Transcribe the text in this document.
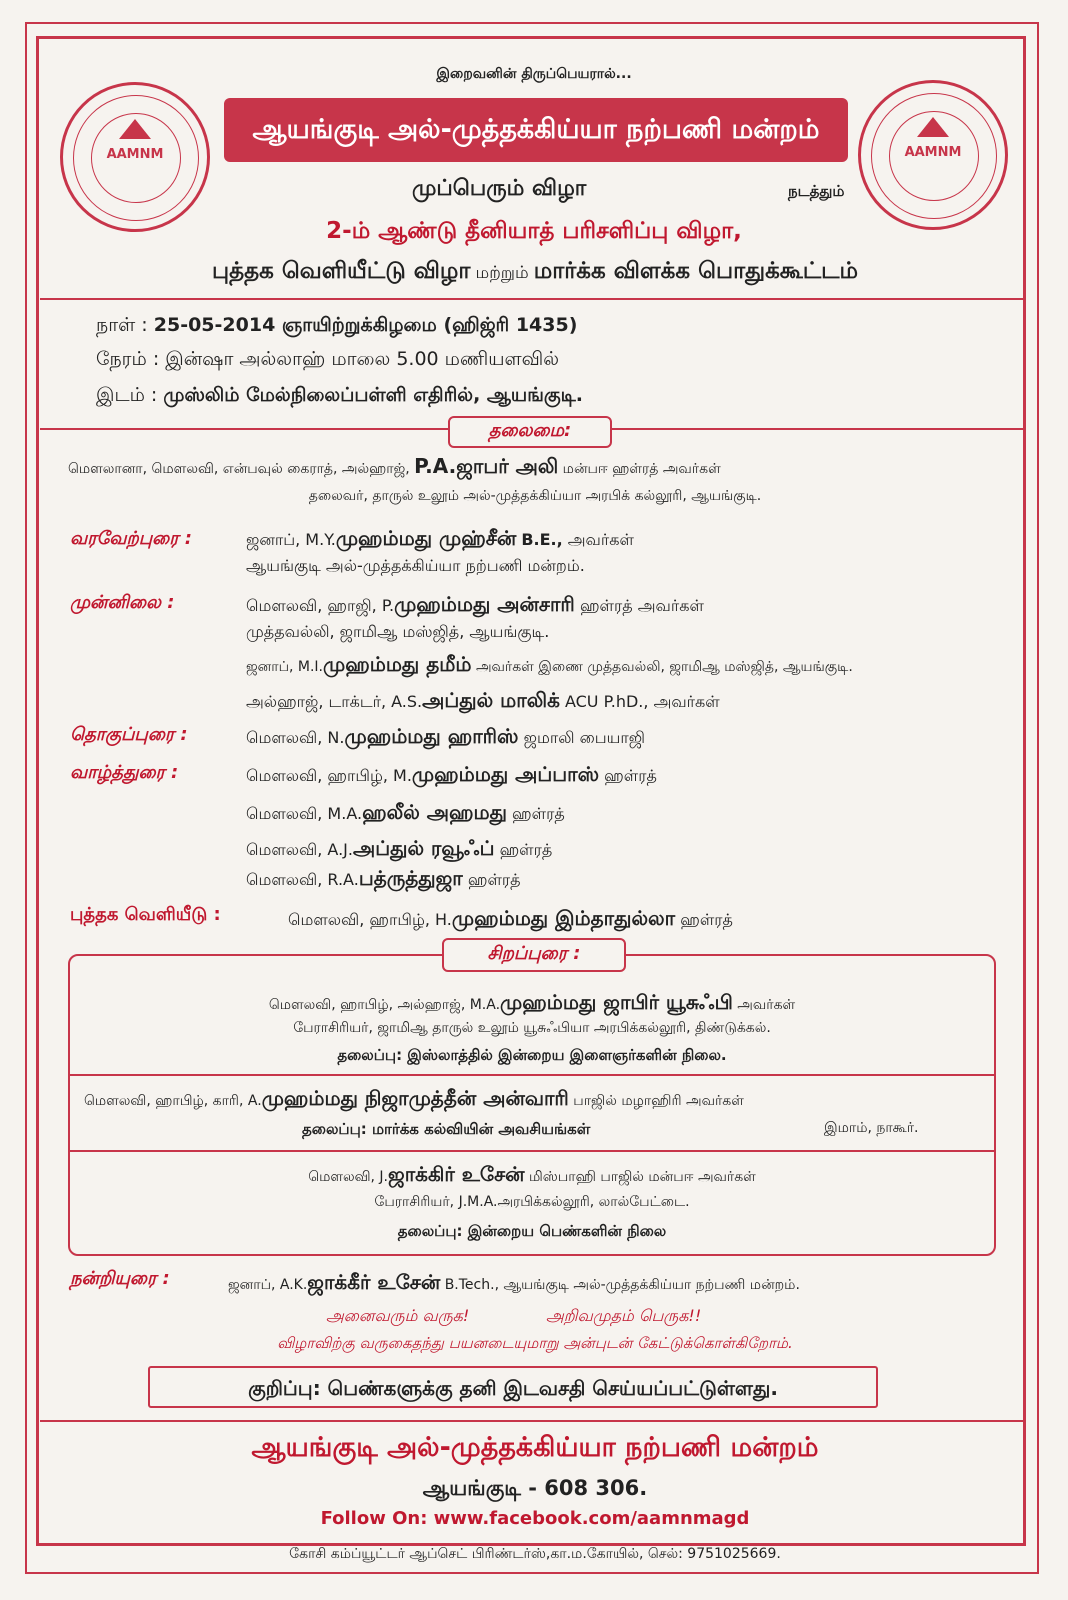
இறைவனின் திருப்பெயரால்...
AAMNM	AAMNM
ஆயங்குடி அல்-முத்தக்கிய்யா நற்பணி மன்றம்
முப்பெரும் விழா	நடத்தும்
2-ம் ஆண்டு தீனியாத் பரிசளிப்பு விழா,
புத்தக வெளியீட்டு விழா மற்றும் மார்க்க விளக்க பொதுக்கூட்டம்
நாள் : 25-05-2014 ஞாயிற்றுக்கிழமை (ஹிஜ்ரி 1435)
நேரம் : இன்ஷா அல்லாஹ் மாலை 5.00 மணியளவில்
இடம் : முஸ்லிம் மேல்நிலைப்பள்ளி எதிரில், ஆயங்குடி.
தலைமை:
மௌலானா, மௌலவி, என்பவுல் கைராத், அல்ஹாஜ், P.A.ஜாபர் அலி மன்பஈ ஹள்ரத் அவர்கள்
தலைவர், தாருல் உலூம் அல்-முத்தக்கிய்யா அரபிக் கல்லூரி, ஆயங்குடி.
வரவேற்புரை :	ஜனாப், M.Y.முஹம்மது முஹ்சீன் B.E., அவர்கள்
ஆயங்குடி அல்-முத்தக்கிய்யா நற்பணி மன்றம்.
முன்னிலை :	மௌலவி, ஹாஜி, P.முஹம்மது அன்சாரி ஹள்ரத் அவர்கள்
முத்தவல்லி, ஜாமிஆ மஸ்ஜித், ஆயங்குடி.
ஜனாப், M.I.முஹம்மது தமீம் அவர்கள் இணை முத்தவல்லி, ஜாமிஆ மஸ்ஜித், ஆயங்குடி.
அல்ஹாஜ், டாக்டர், A.S.அப்துல் மாலிக் ACU P.hD., அவர்கள்
தொகுப்புரை :	மௌலவி, N.முஹம்மது ஹாரிஸ் ஜமாலி பையாஜி
வாழ்த்துரை :	மௌலவி, ஹாபிழ், M.முஹம்மது அப்பாஸ் ஹள்ரத்
மௌலவி, M.A.ஹலீல் அஹமது ஹள்ரத்
மௌலவி, A.J.அப்துல் ரவூஃப் ஹள்ரத்
மௌலவி, R.A.பத்ருத்துஜா ஹள்ரத்
புத்தக வெளியீடு :	மௌலவி, ஹாபிழ், H.முஹம்மது இம்தாதுல்லா ஹள்ரத்
சிறப்புரை :
மௌலவி, ஹாபிழ், அல்ஹாஜ், M.A.முஹம்மது ஜாபிர் யூசுஃபி அவர்கள்
பேராசிரியர், ஜாமிஆ தாருல் உலூம் யூசுஃபியா அரபிக்கல்லூரி, திண்டுக்கல்.
தலைப்பு: இஸ்லாத்தில் இன்றைய இளைஞர்களின் நிலை.
மௌலவி, ஹாபிழ், காரி, A.முஹம்மது நிஜாமுத்தீன் அன்வாரி பாஜில் மழாஹிரி அவர்கள்
தலைப்பு: மார்க்க கல்வியின் அவசியங்கள்	இமாம், நாகூர்.
மௌலவி, J.ஜாக்கிர் உசேன் மிஸ்பாஹி பாஜில் மன்பஈ அவர்கள்
பேராசிரியர், J.M.A.அரபிக்கல்லூரி, லால்பேட்டை.
தலைப்பு: இன்றைய பெண்களின் நிலை
நன்றியுரை :	ஜனாப், A.K.ஜாக்கீர் உசேன் B.Tech., ஆயங்குடி அல்-முத்தக்கிய்யா நற்பணி மன்றம்.
அனைவரும் வருக!	அறிவமுதம் பெருக!!
விழாவிற்கு வருகைதந்து பயனடையுமாறு அன்புடன் கேட்டுக்கொள்கிறோம்.
குறிப்பு: பெண்களுக்கு தனி இடவசதி செய்யப்பட்டுள்ளது.
ஆயங்குடி அல்-முத்தக்கிய்யா நற்பணி மன்றம்
ஆயங்குடி - 608 306.
Follow On: www.facebook.com/aamnmagd
கோசி கம்ப்யூட்டர் ஆப்செட் பிரிண்டர்ஸ்,கா.ம.கோயில், செல்: 9751025669.
